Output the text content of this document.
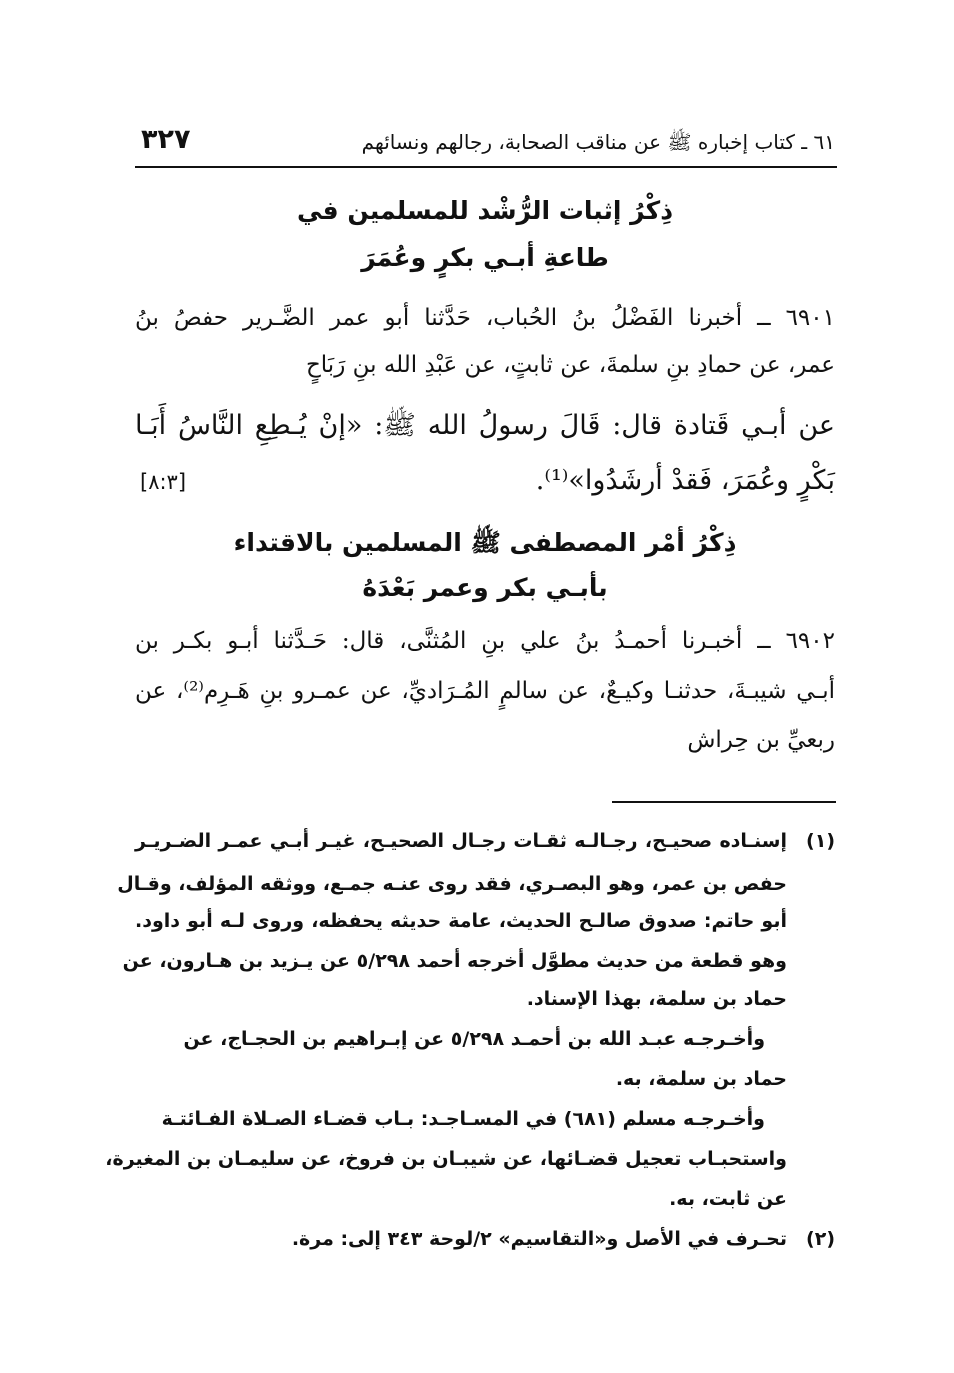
٦١ ـ كتاب إخباره ﷺ عن مناقب الصحابة، رجالهم ونسائهم
٣٢٧
ذِكْرُ إثبات الرُّشْد للمسلمين في
طاعةِ أبـي بكرٍ وعُمَرَ
٦٩٠١ ــ أخبرنا الفَضْلُ بنُ الحُباب، حَدَّثنا أبو عمر الضَّـرير حفصُ بنُ
عمر، عن حمادِ بنِ سلمةَ، عن ثابتٍ، عن عَبْدِ الله بنِ رَبَاحٍ
عن أبـي قَتادة قال: قَالَ رسولُ الله ﷺ: «إنْ يُـطِعِ النَّاسُ أَبَـا
بَكْرٍ وعُمَرَ، فَقدْ أرشَدُوا»⁽¹⁾.
[٨:٣]
ذِكْرُ أمْر المصطفى ﷺ المسلمين بالاقتداء
بأبـي بكر وعمر بَعْدَهُ
٦٩٠٢ ــ أخبـرنا أحمـدُ بنُ علي بنِ المُثنَّى، قال: حَـدَّثنا أبـو بكـر بن
أبـي شيبـةَ، حدثنـا وكيـعٌ، عن سالمٍ المُـرَاديِّ، عن عمـرو بنِ هَـرِم⁽²⁾، عن
ربعيِّ بن حِراش
(١)
إسنـاده صحيـح، رجـالـه ثقـات رجـال الصحيـح، غيـر أبـي عمـر الضـريـر
حفص بن عمر، وهو البصـري، فقد روى عنـه جمـع، ووثقه المؤلف، وقـال
أبو حاتم: صدوق صالـح الحديث، عامة حديثه يحفظه، وروى لـه أبو داود.
وهو قطعة من حديث مطوَّل أخرجه أحمد ٥/٢٩٨ عن يـزيد بن هـارون، عن
حماد بن سلمة، بهذا الإسناد.
وأخـرجـه عبـد الله بن أحمـد ٥/٢٩٨ عن إبـراهيم بن الحجـاج، عن
حماد بن سلمة، به.
وأخـرجـه مسلم (٦٨١) في المسـاجـد: بـاب قضـاء الصـلاة الفـائتـة
واستحبـاب تعجيل قضـائها، عن شيبـان بن فروخ، عن سليمـان بن المغيرة،
عن ثابت، به.
(٢)
تحـرف في الأصل و«التقاسيم» ٢/لوحة ٣٤٣ إلى: مرة.
